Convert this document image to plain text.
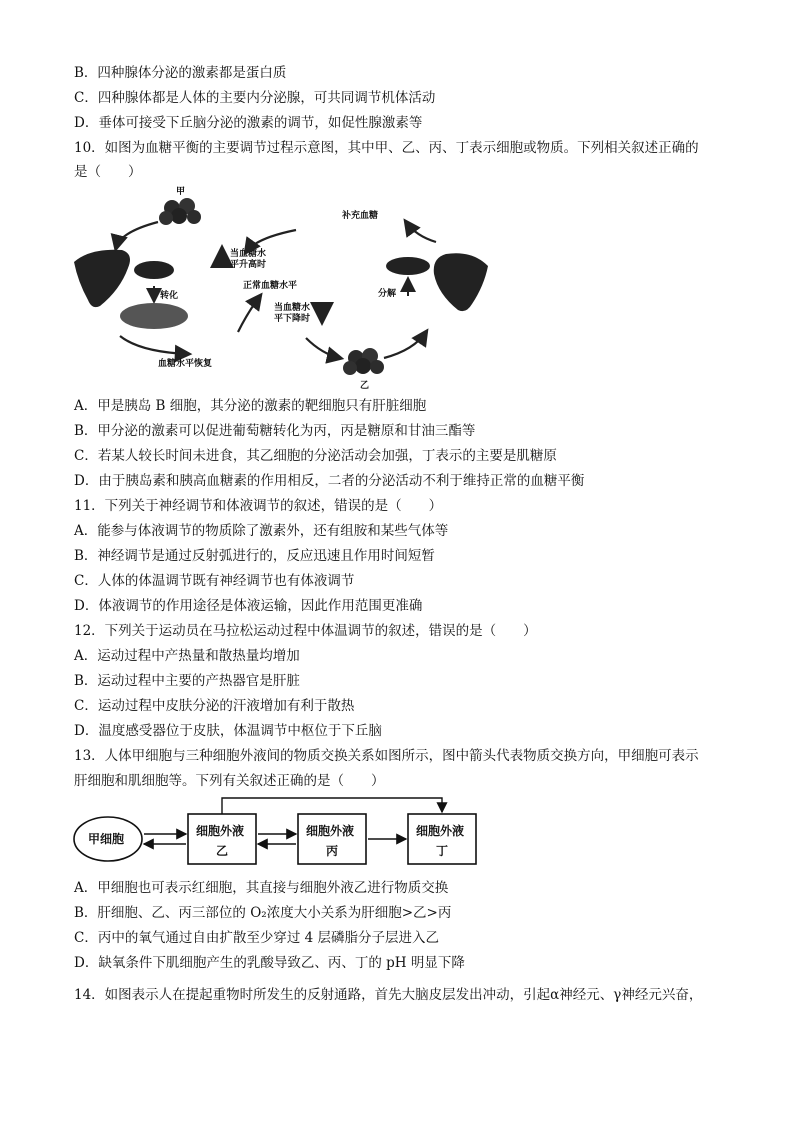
B．四种腺体分泌的激素都是蛋白质
C．四种腺体都是人体的主要内分泌腺，可共同调节机体活动
D．垂体可接受下丘脑分泌的激素的调节，如促性腺激素等
10．如图为血糖平衡的主要调节过程示意图，其中甲、乙、丙、丁表示细胞或物质。下列相关叙述正确的
是（　　）
甲
转化
血糖水平恢复
当血糖水
平升高时
正常血糖水平
当血糖水
平下降时
乙
补充血糖
分解
A．甲是胰岛 B 细胞，其分泌的激素的靶细胞只有肝脏细胞
B．甲分泌的激素可以促进葡萄糖转化为丙，丙是糖原和甘油三酯等
C．若某人较长时间未进食，其乙细胞的分泌活动会加强，丁表示的主要是肌糖原
D．由于胰岛素和胰高血糖素的作用相反，二者的分泌活动不利于维持正常的血糖平衡
11．下列关于神经调节和体液调节的叙述，错误的是（　　）
A．能参与体液调节的物质除了激素外，还有组胺和某些气体等
B．神经调节是通过反射弧进行的，反应迅速且作用时间短暂
C．人体的体温调节既有神经调节也有体液调节
D．体液调节的作用途径是体液运输，因此作用范围更准确
12．下列关于运动员在马拉松运动过程中体温调节的叙述，错误的是（　　）
A．运动过程中产热量和散热量均增加
B．运动过程中主要的产热器官是肝脏
C．运动过程中皮肤分泌的汗液增加有利于散热
D．温度感受器位于皮肤，体温调节中枢位于下丘脑
13．人体甲细胞与三种细胞外液间的物质交换关系如图所示，图中箭头代表物质交换方向，甲细胞可表示
肝细胞和肌细胞等。下列有关叙述正确的是（　　）
甲细胞
细胞外液
乙
细胞外液
丙
细胞外液
丁
A．甲细胞也可表示红细胞，其直接与细胞外液乙进行物质交换
B．肝细胞、乙、丙三部位的 O₂浓度大小关系为肝细胞>乙>丙
C．丙中的氧气通过自由扩散至少穿过 4 层磷脂分子层进入乙
D．缺氧条件下肌细胞产生的乳酸导致乙、丙、丁的 pH 明显下降
14．如图表示人在提起重物时所发生的反射通路，首先大脑皮层发出冲动，引起α神经元、γ神经元兴奋，
